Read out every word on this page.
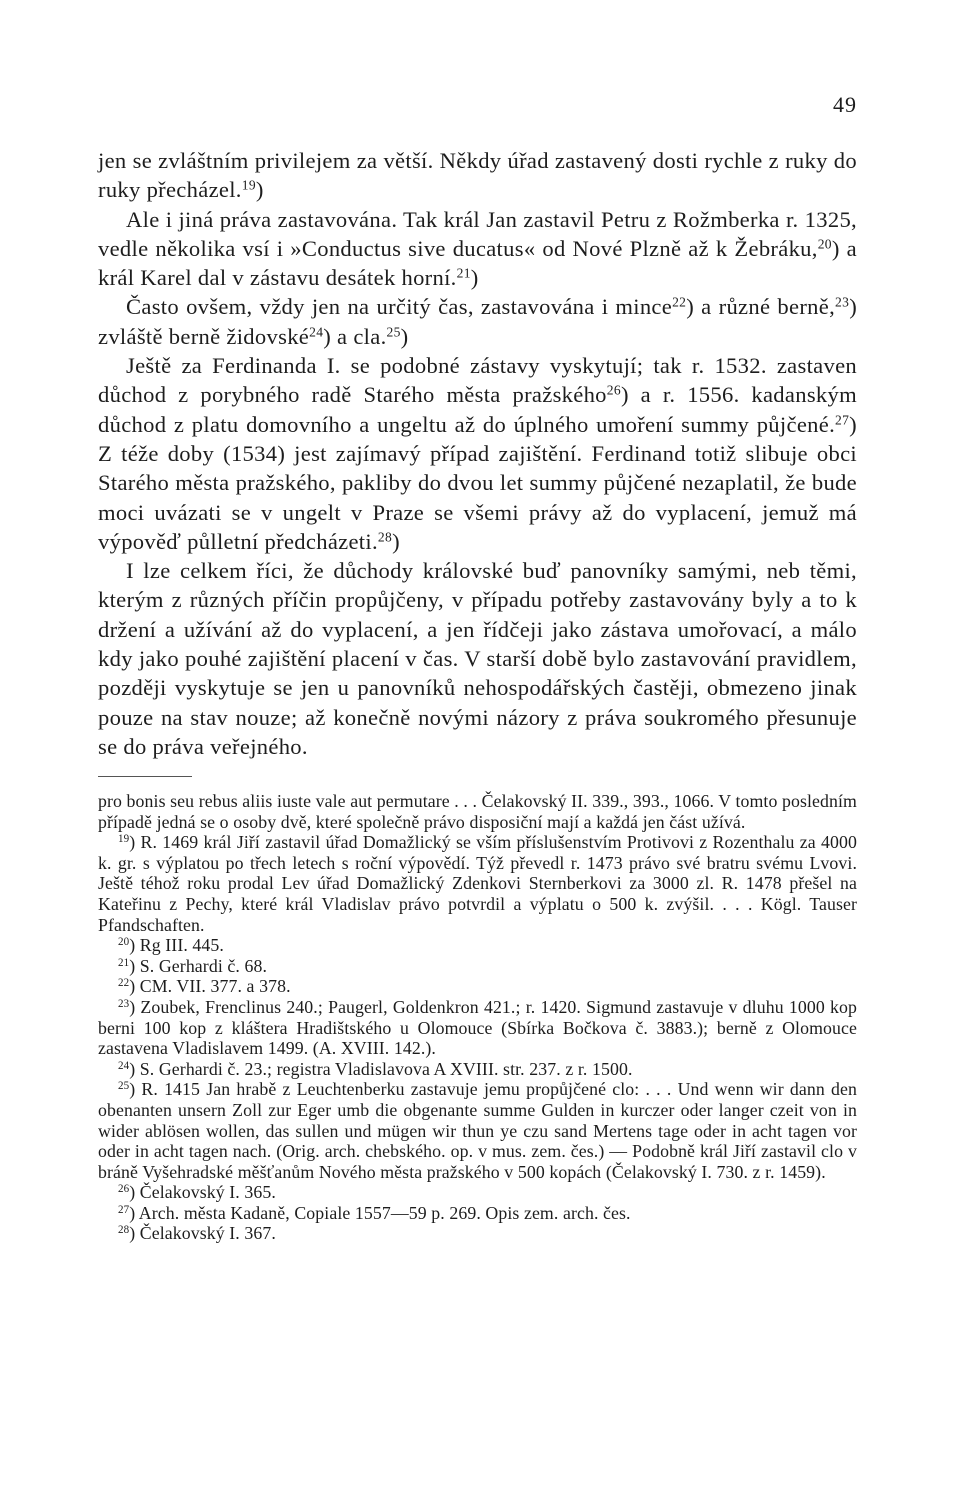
49

jen se zvláštním privilejem za větší. Někdy úřad zastavený dosti rychle z ruky do ruky přecházel.$^{19}$)

Ale i jiná práva zastavována. Tak král Jan zastavil Petru z Rožmberka r. 1325, vedle několika vsí i »Conductus sive ducatus« od Nové Plzně až k Žebráku,$^{20}$) a král Karel dal v zástavu desátek horní.$^{21}$)

Často ovšem, vždy jen na určitý čas, zastavována i mince$^{22}$) a různé berně,$^{23}$) zvláště berně židovské$^{24}$) a cla.$^{25}$)

Ještě za Ferdinanda I. se podobné zástavy vyskytují; tak r. 1532. zastaven důchod z porybného radě Starého města pražského$^{26}$) a r. 1556. kadanským důchod z platu domovního a ungeltu až do úplného umoření summy půjčené.$^{27}$) Z téže doby (1534) jest zajímavý případ zajištění. Ferdinand totiž slibuje obci Starého města pražského, pakliby do dvou let summy půjčené nezaplatil, že bude moci uvázati se v ungelt v Praze se všemi právy až do vyplacení, jemuž má výpověď půlletní předcházeti.$^{28}$)

I lze celkem říci, že důchody královské buď panovníky samými, neb těmi, kterým z různých příčin propůjčeny, v případu potřeby zastavovány byly a to k držení a užívání až do vyplacení, a jen řídčeji jako zástava umořovací, a málo kdy jako pouhé zajištění placení v čas. V starší době bylo zastavování pravidlem, později vyskytuje se jen u panovníků nehospodářských častěji, obmezeno jinak pouze na stav nouze; až konečně novými názory z práva soukromého přesunuje se do práva veřejného.

pro bonis seu rebus aliis iuste vale aut permutare . . . Čelakovský II. 339., 393., 1066. V tomto posledním případě jedná se o osoby dvě, které společně právo disposiční mají a každá jen část užívá.

$^{19}$) R. 1469 král Jiří zastavil úřad Domažlický se vším příslušenstvím Protivovi z Rozenthalu za 4000 k. gr. s výplatou po třech letech s roční výpovědí. Týž převedl r. 1473 právo své bratru svému Lvovi. Ještě téhož roku prodal Lev úřad Domažlický Zdenkovi Sternberkovi za 3000 zl. R. 1478 přešel na Kateřinu z Pechy, které král Vladislav právo potvrdil a výplatu o 500 k. zvýšil. . . . Kögl. Tauser Pfandschaften.

$^{20}$) Rg III. 445.

$^{21}$) S. Gerhardi č. 68.

$^{22}$) CM. VII. 377. a 378.

$^{23}$) Zoubek, Frenclinus 240.; Paugerl, Goldenkron 421.; r. 1420. Sigmund zastavuje v dluhu 1000 kop berni 100 kop z kláštera Hradištského u Olomouce (Sbírka Bočkova č. 3883.); berně z Olomouce zastavena Vladislavem 1499. (A. XVIII. 142.).

$^{24}$) S. Gerhardi č. 23.; registra Vladislavova A XVIII. str. 237. z r. 1500.

$^{25}$) R. 1415 Jan hrabě z Leuchtenberku zastavuje jemu propůjčené clo: . . . Und wenn wir dann den obenanten unsern Zoll zur Eger umb die obgenante summe Gulden in kurczer oder langer czeit von in wider ablösen wollen, das sullen und mügen wir thun ye czu sand Mertens tage oder in acht tagen vor oder in acht tagen nach. (Orig. arch. chebského. op. v mus. zem. čes.) — Podobně král Jiří zastavil clo v bráně Vyšehradské měšťanům Nového města pražského v 500 kopách (Čelakovský I. 730. z r. 1459).

$^{26}$) Čelakovský I. 365.

$^{27}$) Arch. města Kadaně, Copiale 1557—59 p. 269. Opis zem. arch. čes.

$^{28}$) Čelakovský I. 367.
